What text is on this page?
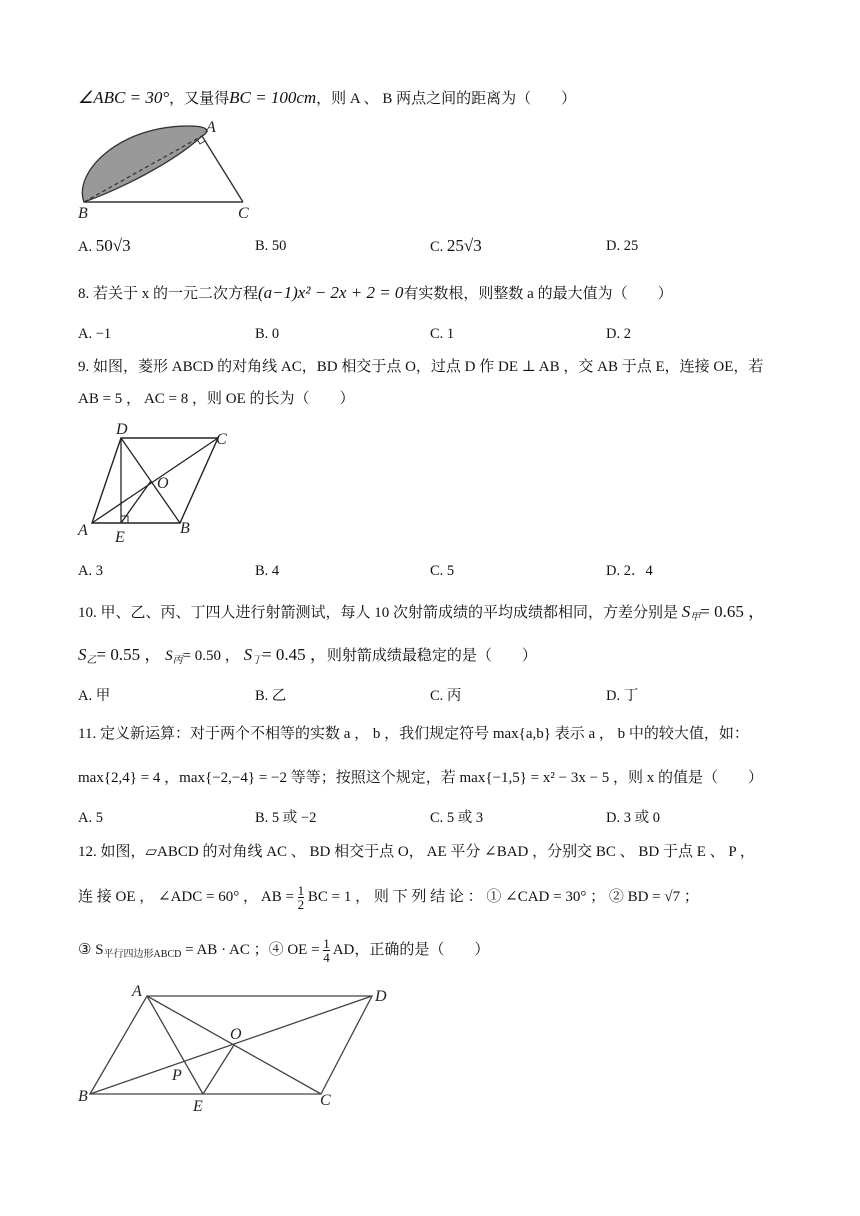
∠ABC = 30°，又量得BC = 100cm，则 A 、 B 两点之间的距离为（　　）
A
B	C
A. 50√3	B. 50	C. 25√3	D. 25
8. 若关于 x 的一元二次方程(a−1)x² − 2x + 2 = 0有实数根，则整数 a 的最大值为（　　）
A. −1	B. 0	C. 1	D. 2
9. 如图，菱形 ABCD 的对角线 AC，BD 相交于点 O，过点 D 作 DE ⊥ AB ，交 AB 于点 E，连接 OE，若
AB = 5 ， AC = 8 ，则 OE 的长为（　　）
D
C
O
A E
B
A. 3	B. 4	C. 5	D. 2．4
10. 甲、乙、丙、丁四人进行射箭测试，每人 10 次射箭成绩的平均成绩都相同，方差分别是 $S_甲= 0.65$ ，
$S_乙= 0.55$ ， $S_丙= 0.50$ ， $S_丁= 0.45$ ，则射箭成绩最稳定的是（　　）
A. 甲	B. 乙	C. 丙	D. 丁
11. 定义新运算：对于两个不相等的实数 a ， b ，我们规定符号 max{a,b} 表示 a ， b 中的较大值，如：
max{2,4} = 4 ，max{−2,−4} = −2 等等；按照这个规定，若 max{−1,5} = x² − 3x − 5 ，则 x 的值是（　　）
A. 5	B. 5 或 −2	C. 5 或 3	D. 3 或 0
12. 如图，▱ABCD 的对角线 AC 、 BD 相交于点 O， AE 平分 ∠BAD ，分别交 BC 、 BD 于点 E 、 P ，
连 接 OE ， ∠ADC = 60° ， AB = $\frac{1}{2}$ BC = 1 ， 则 下 列 结 论 ： ① ∠CAD = 30° ； ② BD = √7 ；
③ $S_{平行四边形ABCD}$ = AB · AC ；④ OE = $\frac{1}{4}$ AD，正确的是（　　）
A	D
O
P
B
E	C
